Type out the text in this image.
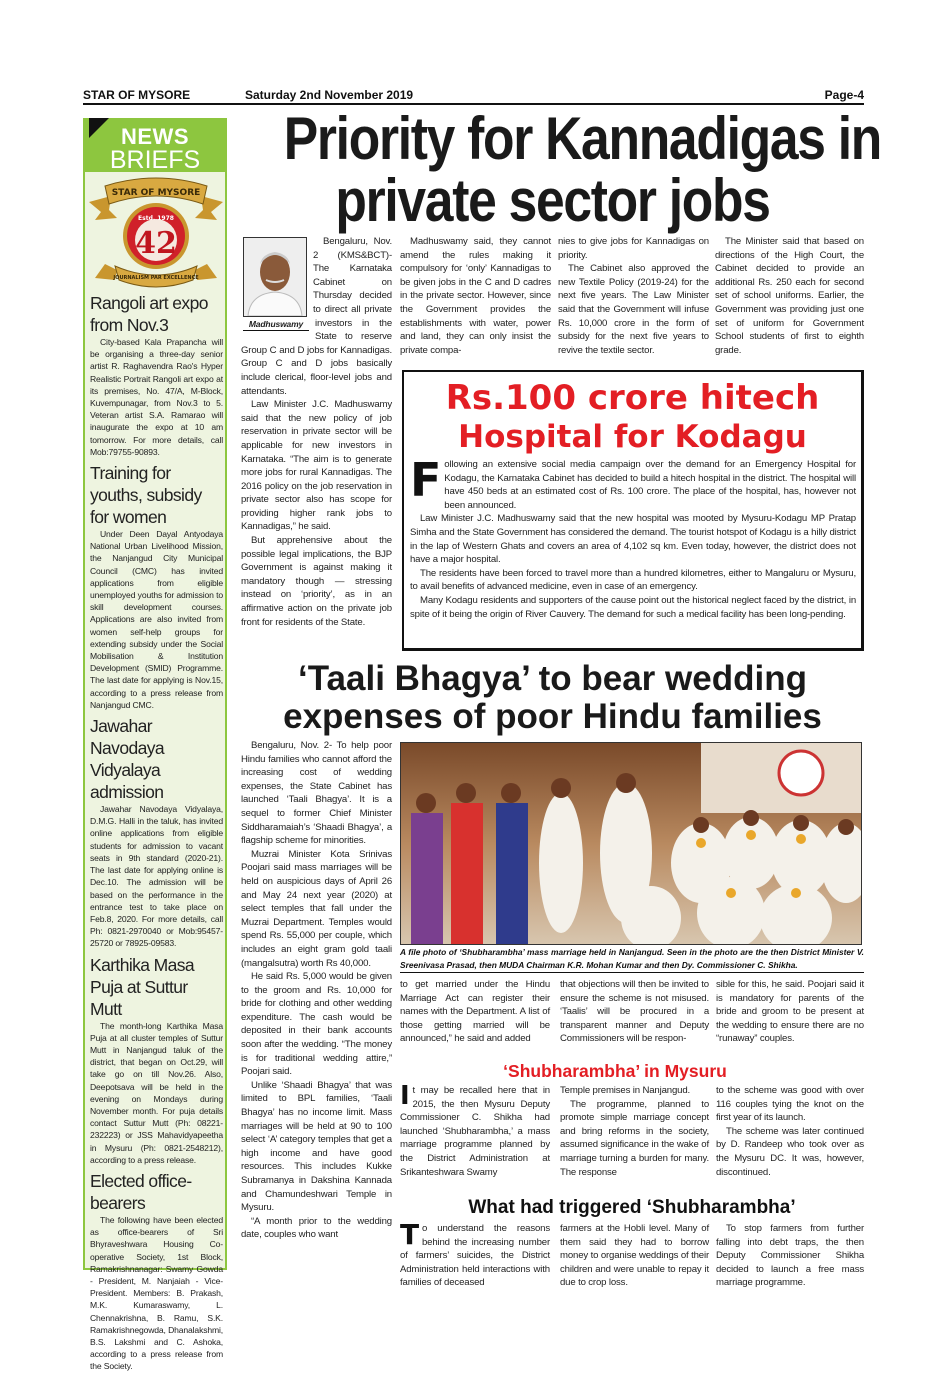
STAR OF MYSORE	Saturday 2nd November 2019	Page-4
NEWS
BRIEFS
Estd. 1978
42
STAR OF MYSORE
JOURNALISM PAR EXCELLENCE
Rangoli art expo from Nov.3
City-based Kala Prapancha will be organising a three-day senior artist R. Raghavendra Rao's Hyper Realistic Portrait Rangoli art expo at its premises, No. 47/A, M-Block, Kuvempunagar, from Nov.3 to 5. Veteran artist S.A. Ramarao will inaugurate the expo at 10 am tomorrow. For more details, call Mob:79755-90893.
Training for youths, subsidy for women
Under Deen Dayal Antyodaya National Urban Livelihood Mission, the Nanjangud City Municipal Council (CMC) has invited applications from eligible unemployed youths for admission to skill development courses. Applications are also invited from women self-help groups for extending subsidy under the Social Mobilisation & Institution Development (SMID) Programme. The last date for applying is Nov.15, according to a press release from Nanjangud CMC.
Jawahar Navodaya Vidyalaya admission
Jawahar Navodaya Vidyalaya, D.M.G. Halli in the taluk, has invited online applications from eligible students for admission to vacant seats in 9th standard (2020-21). The last date for applying online is Dec.10. The admission will be based on the performance in the entrance test to take place on Feb.8, 2020. For more details, call Ph: 0821-2970040 or Mob:95457-25720 or 78925-09583.
Karthika Masa Puja at Suttur Mutt
The month-long Karthika Masa Puja at all cluster temples of Suttur Mutt in Nanjangud taluk of the district, that began on Oct.29, will take go on till Nov.26. Also, Deepotsava will be held in the evening on Mondays during November month. For puja details contact Suttur Mutt (Ph: 08221-232223) or JSS Mahavidyapeetha in Mysuru (Ph: 0821-2548212), according to a press release.
Elected office-bearers
The following have been elected as office-bearers of Sri Bhyraveshwara Housing Co-operative Society, 1st Block, Ramakrishnanagar: Swamy Gowda - President, M. Nanjaiah - Vice-President. Members: B. Prakash, M.K. Kumaraswamy, L. Chennakrishna, B. Ramu, S.K. Ramakrishnegowda, Dhanalakshmi, B.S. Lakshmi and C. Ashoka, according to a press release from the Society.
Priority for Kannadigas in
private sector jobs
Madhuswamy

Bengaluru, Nov. 2 (KMS&BCT)- The Karnataka Cabinet on Thursday decided to direct all private investors in the State to reserve Group C and D jobs for Kannadigas. Group C and D jobs basically include clerical, floor-level jobs and attendants.

Law Minister J.C. Madhuswamy said that the new policy of job reservation in private sector will be applicable for new investors in Karnataka. “The aim is to generate more jobs for rural Kannadigas. The 2016 policy on the job reservation in private sector also has scope for providing higher rank jobs to Kannadigas,” he said.

But apprehensive about the possible legal implications, the BJP Government is against making it mandatory though — stressing instead on ‘priority’, as in an affirmative action on the private job front for residents of the State.

Madhuswamy said, they cannot amend the rules making it compulsory for ‘only’ Kannadigas to be given jobs in the C and D cadres in the private sector. However, since the Government provides the establishments with water, power and land, they can only insist the private compa-

nies to give jobs for Kannadigas on priority.

The Cabinet also approved the new Textile Policy (2019-24) for the next five years. The Law Minister said that the Government will infuse Rs. 10,000 crore in the form of subsidy for the next five years to revive the textile sector.

The Minister said that based on directions of the High Court, the Cabinet decided to provide an additional Rs. 250 each for second set of school uniforms. Earlier, the Government was providing just one set of uniform for Government School students of first to eighth grade.

Rs.100 crore hitech
Hospital for Kodagu

Following an extensive social media campaign over the demand for an Emergency Hospital for Kodagu, the Karnataka Cabinet has decided to build a hitech hospital in the district. The hospital will have 450 beds at an estimated cost of Rs. 100 crore. The place of the hospital, has, however not been announced.

Law Minister J.C. Madhuswamy said that the new hospital was mooted by Mysuru-Kodagu MP Pratap Simha and the State Government has considered the demand. The tourist hotspot of Kodagu is a hilly district in the lap of Western Ghats and covers an area of 4,102 sq km. Even today, however, the district does not have a major hospital.

The residents have been forced to travel more than a hundred kilometres, either to Mangaluru or Mysuru, to avail benefits of advanced medicine, even in case of an emergency.

Many Kodagu residents and supporters of the cause point out the historical neglect faced by the district, in spite of it being the origin of River Cauvery. The demand for such a medical facility has been long-pending.

‘Taali Bhagya’ to bear wedding
expenses of poor Hindu families

Bengaluru, Nov. 2- To help poor Hindu families who cannot afford the increasing cost of wedding expenses, the State Cabinet has launched ‘Taali Bhagya’. It is a sequel to former Chief Minister Siddharamaiah’s ‘Shaadi Bhagya’, a flagship scheme for minorities.

Muzrai Minister Kota Srinivas Poojari said mass marriages will be held on auspicious days of April 26 and May 24 next year (2020) at select temples that fall under the Muzrai Department. Temples would spend Rs. 55,000 per couple, which includes an eight gram gold taali (mangalsutra) worth Rs 40,000.

He said Rs. 5,000 would be given to the groom and Rs. 10,000 for bride for clothing and other wedding expenditure. The cash would be deposited in their bank accounts soon after the wedding. “The money is for traditional wedding attire,” Poojari said.

Unlike ‘Shaadi Bhagya’ that was limited to BPL families, ‘Taali Bhagya’ has no income limit. Mass marriages will be held at 90 to 100 select ‘A’ category temples that get a high income and have good resources. This includes Kukke Subramanya in Dakshina Kannada and Chamundeshwari Temple in Mysuru.

“A month prior to the wedding date, couples who want

A file photo of ‘Shubharambha’ mass marriage held in Nanjangud. Seen in the photo are the then District Minister V. Sreenivasa Prasad, then MUDA Chairman K.R. Mohan Kumar and then Dy. Commissioner C. Shikha.

to get married under the Hindu Marriage Act can register their names with the Department. A list of those getting married will be announced,” he said and added

that objections will then be invited to ensure the scheme is not misused. ‘Taalis’ will be procured in a transparent manner and Deputy Commissioners will be respon-

sible for this, he said. Poojari said it is mandatory for parents of the bride and groom to be present at the wedding to ensure there are no “runaway” couples.

‘Shubharambha’ in Mysuru

It may be recalled here that in 2015, the then Mysuru Deputy Commissioner C. Shikha had launched ‘Shubharambha,’ a mass marriage programme planned by the District Administration at Srikanteshwara Swamy

Temple premises in Nanjangud.

The programme, planned to promote simple marriage concept and bring reforms in the society, assumed significance in the wake of marriage turning a burden for many. The response

to the scheme was good with over 116 couples tying the knot on the first year of its launch.

The scheme was later continued by D. Randeep who took over as the Mysuru DC. It was, however, discontinued.

What had triggered ‘Shubharambha’

To understand the reasons behind the increasing number of farmers’ suicides, the District Administration held interactions with families of deceased

farmers at the Hobli level. Many of them said they had to borrow money to organise weddings of their children and were unable to repay it due to crop loss.

To stop farmers from further falling into debt traps, the then Deputy Commissioner Shikha decided to launch a free mass marriage programme.
